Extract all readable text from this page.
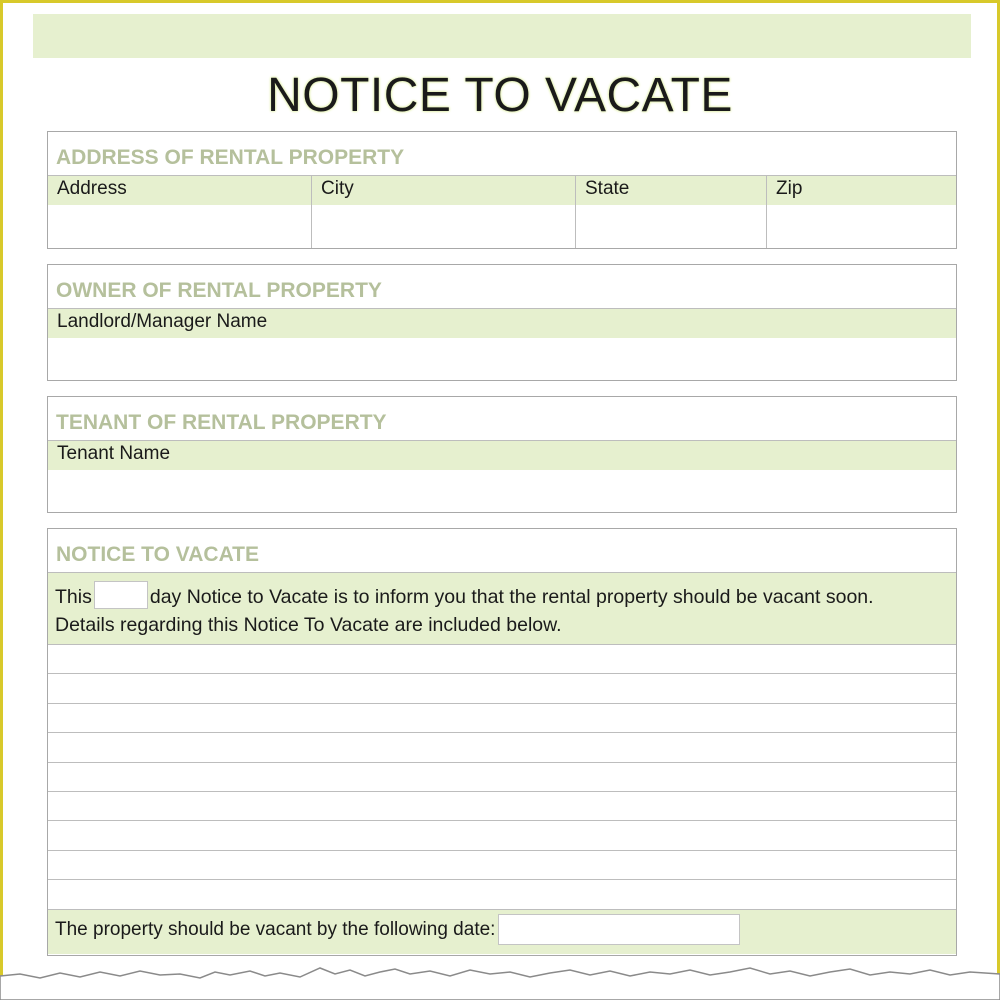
NOTICE TO VACATE
ADDRESS OF RENTAL PROPERTY
Address	City	State	Zip
OWNER OF RENTAL PROPERTY
Landlord/Manager Name
TENANT OF RENTAL PROPERTY
Tenant Name
NOTICE TO VACATE
This	day Notice to Vacate is to inform you that the rental property should be vacant soon.
Details regarding this Notice To Vacate are included below.
The property should be vacant by the following date:
